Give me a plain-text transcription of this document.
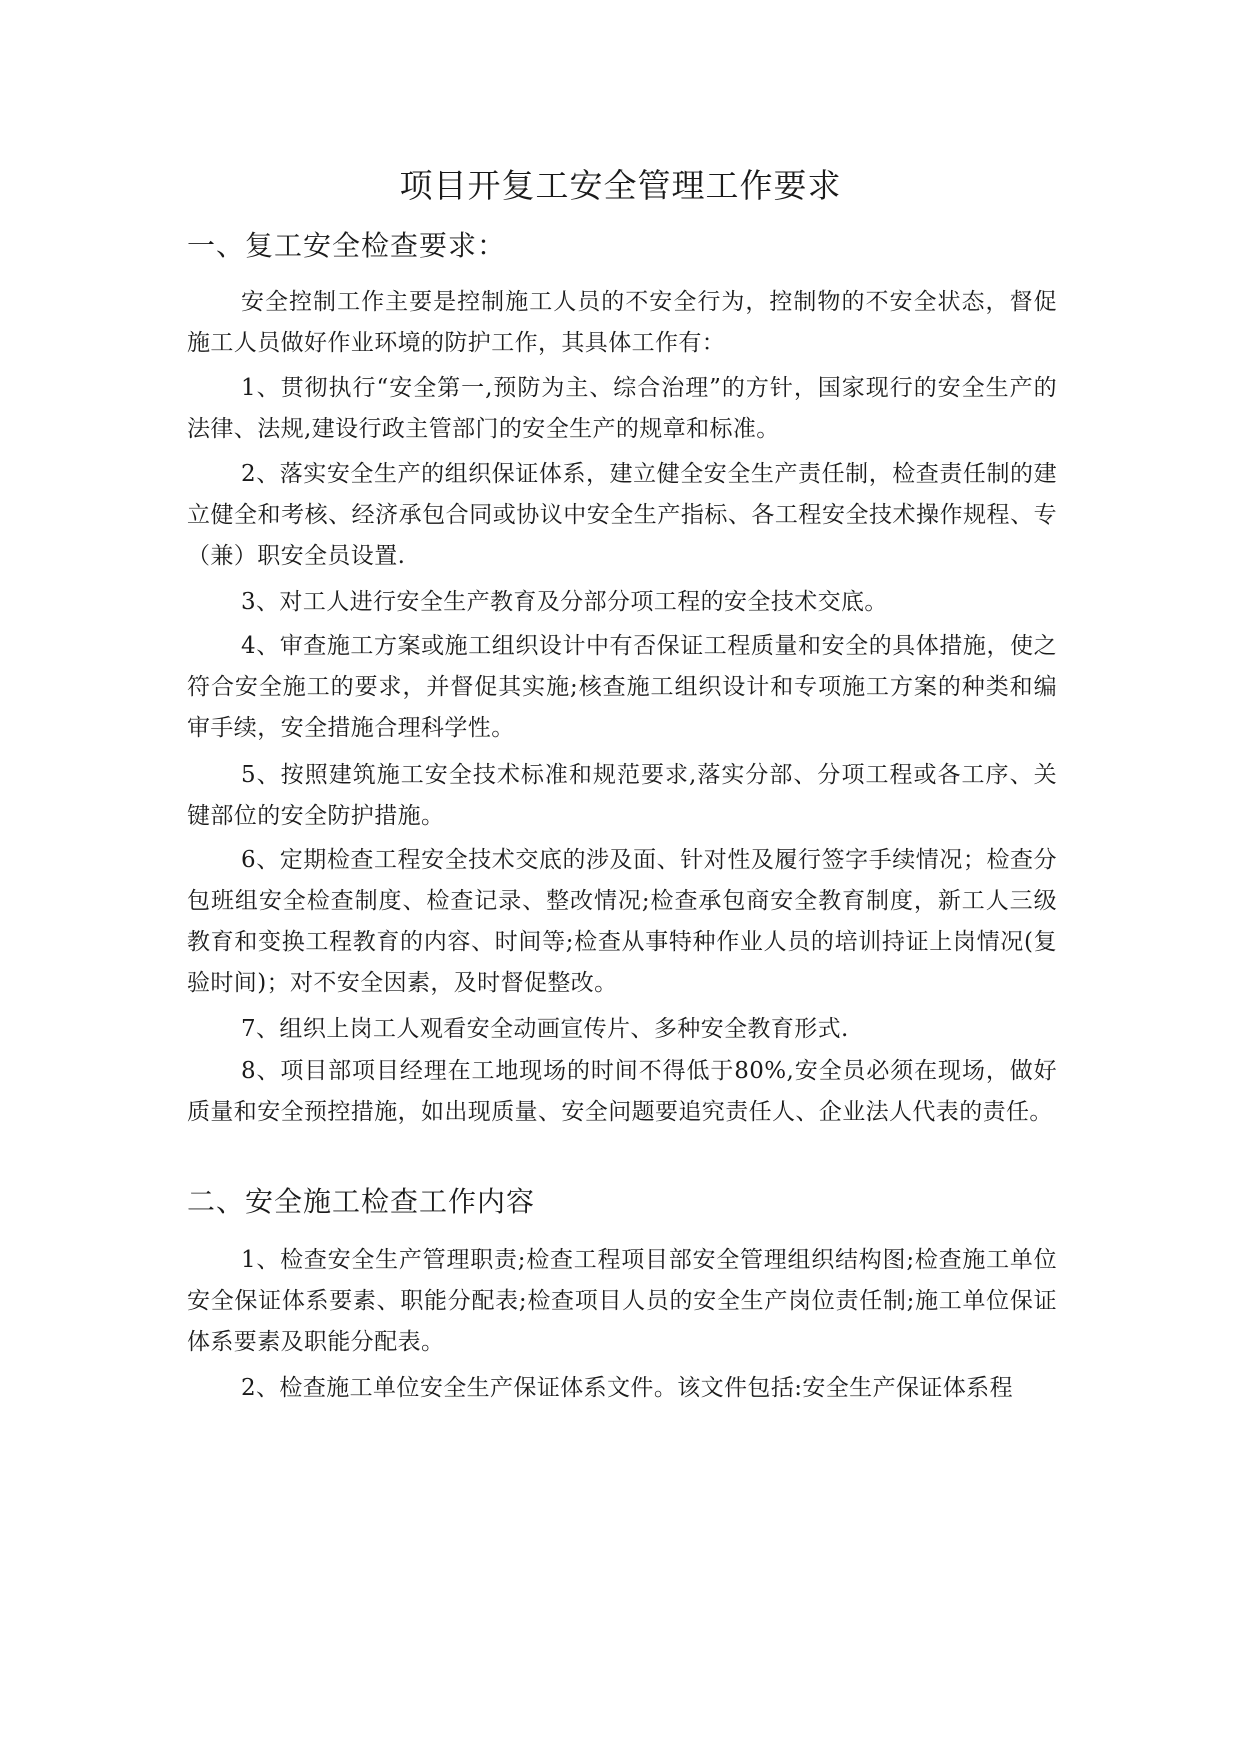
项目开复工安全管理工作要求
一、复工安全检查要求：
安全控制工作主要是控制施工人员的不安全行为，控制物的不安全状态，督促施工人员做好作业环境的防护工作，其具体工作有：
1、贯彻执行“安全第一,预防为主、综合治理”的方针，国家现行的安全生产的法律、法规,建设行政主管部门的安全生产的规章和标准。
2、落实安全生产的组织保证体系，建立健全安全生产责任制，检查责任制的建立健全和考核、经济承包合同或协议中安全生产指标、各工程安全技术操作规程、专（兼）职安全员设置.
3、对工人进行安全生产教育及分部分项工程的安全技术交底。
4、审查施工方案或施工组织设计中有否保证工程质量和安全的具体措施，使之符合安全施工的要求，并督促其实施;核查施工组织设计和专项施工方案的种类和编审手续，安全措施合理科学性。
5、按照建筑施工安全技术标准和规范要求,落实分部、分项工程或各工序、关键部位的安全防护措施。
6、定期检查工程安全技术交底的涉及面、针对性及履行签字手续情况；检查分包班组安全检查制度、检查记录、整改情况;检查承包商安全教育制度，新工人三级教育和变换工程教育的内容、时间等;检查从事特种作业人员的培训持证上岗情况(复验时间)；对不安全因素，及时督促整改。
7、组织上岗工人观看安全动画宣传片、多种安全教育形式.
8、项目部项目经理在工地现场的时间不得低于80%,安全员必须在现场，做好质量和安全预控措施，如出现质量、安全问题要追究责任人、企业法人代表的责任。
二、安全施工检查工作内容
1、检查安全生产管理职责;检查工程项目部安全管理组织结构图;检查施工单位安全保证体系要素、职能分配表;检查项目人员的安全生产岗位责任制;施工单位保证体系要素及职能分配表。
2、检查施工单位安全生产保证体系文件。该文件包括:安全生产保证体系程
